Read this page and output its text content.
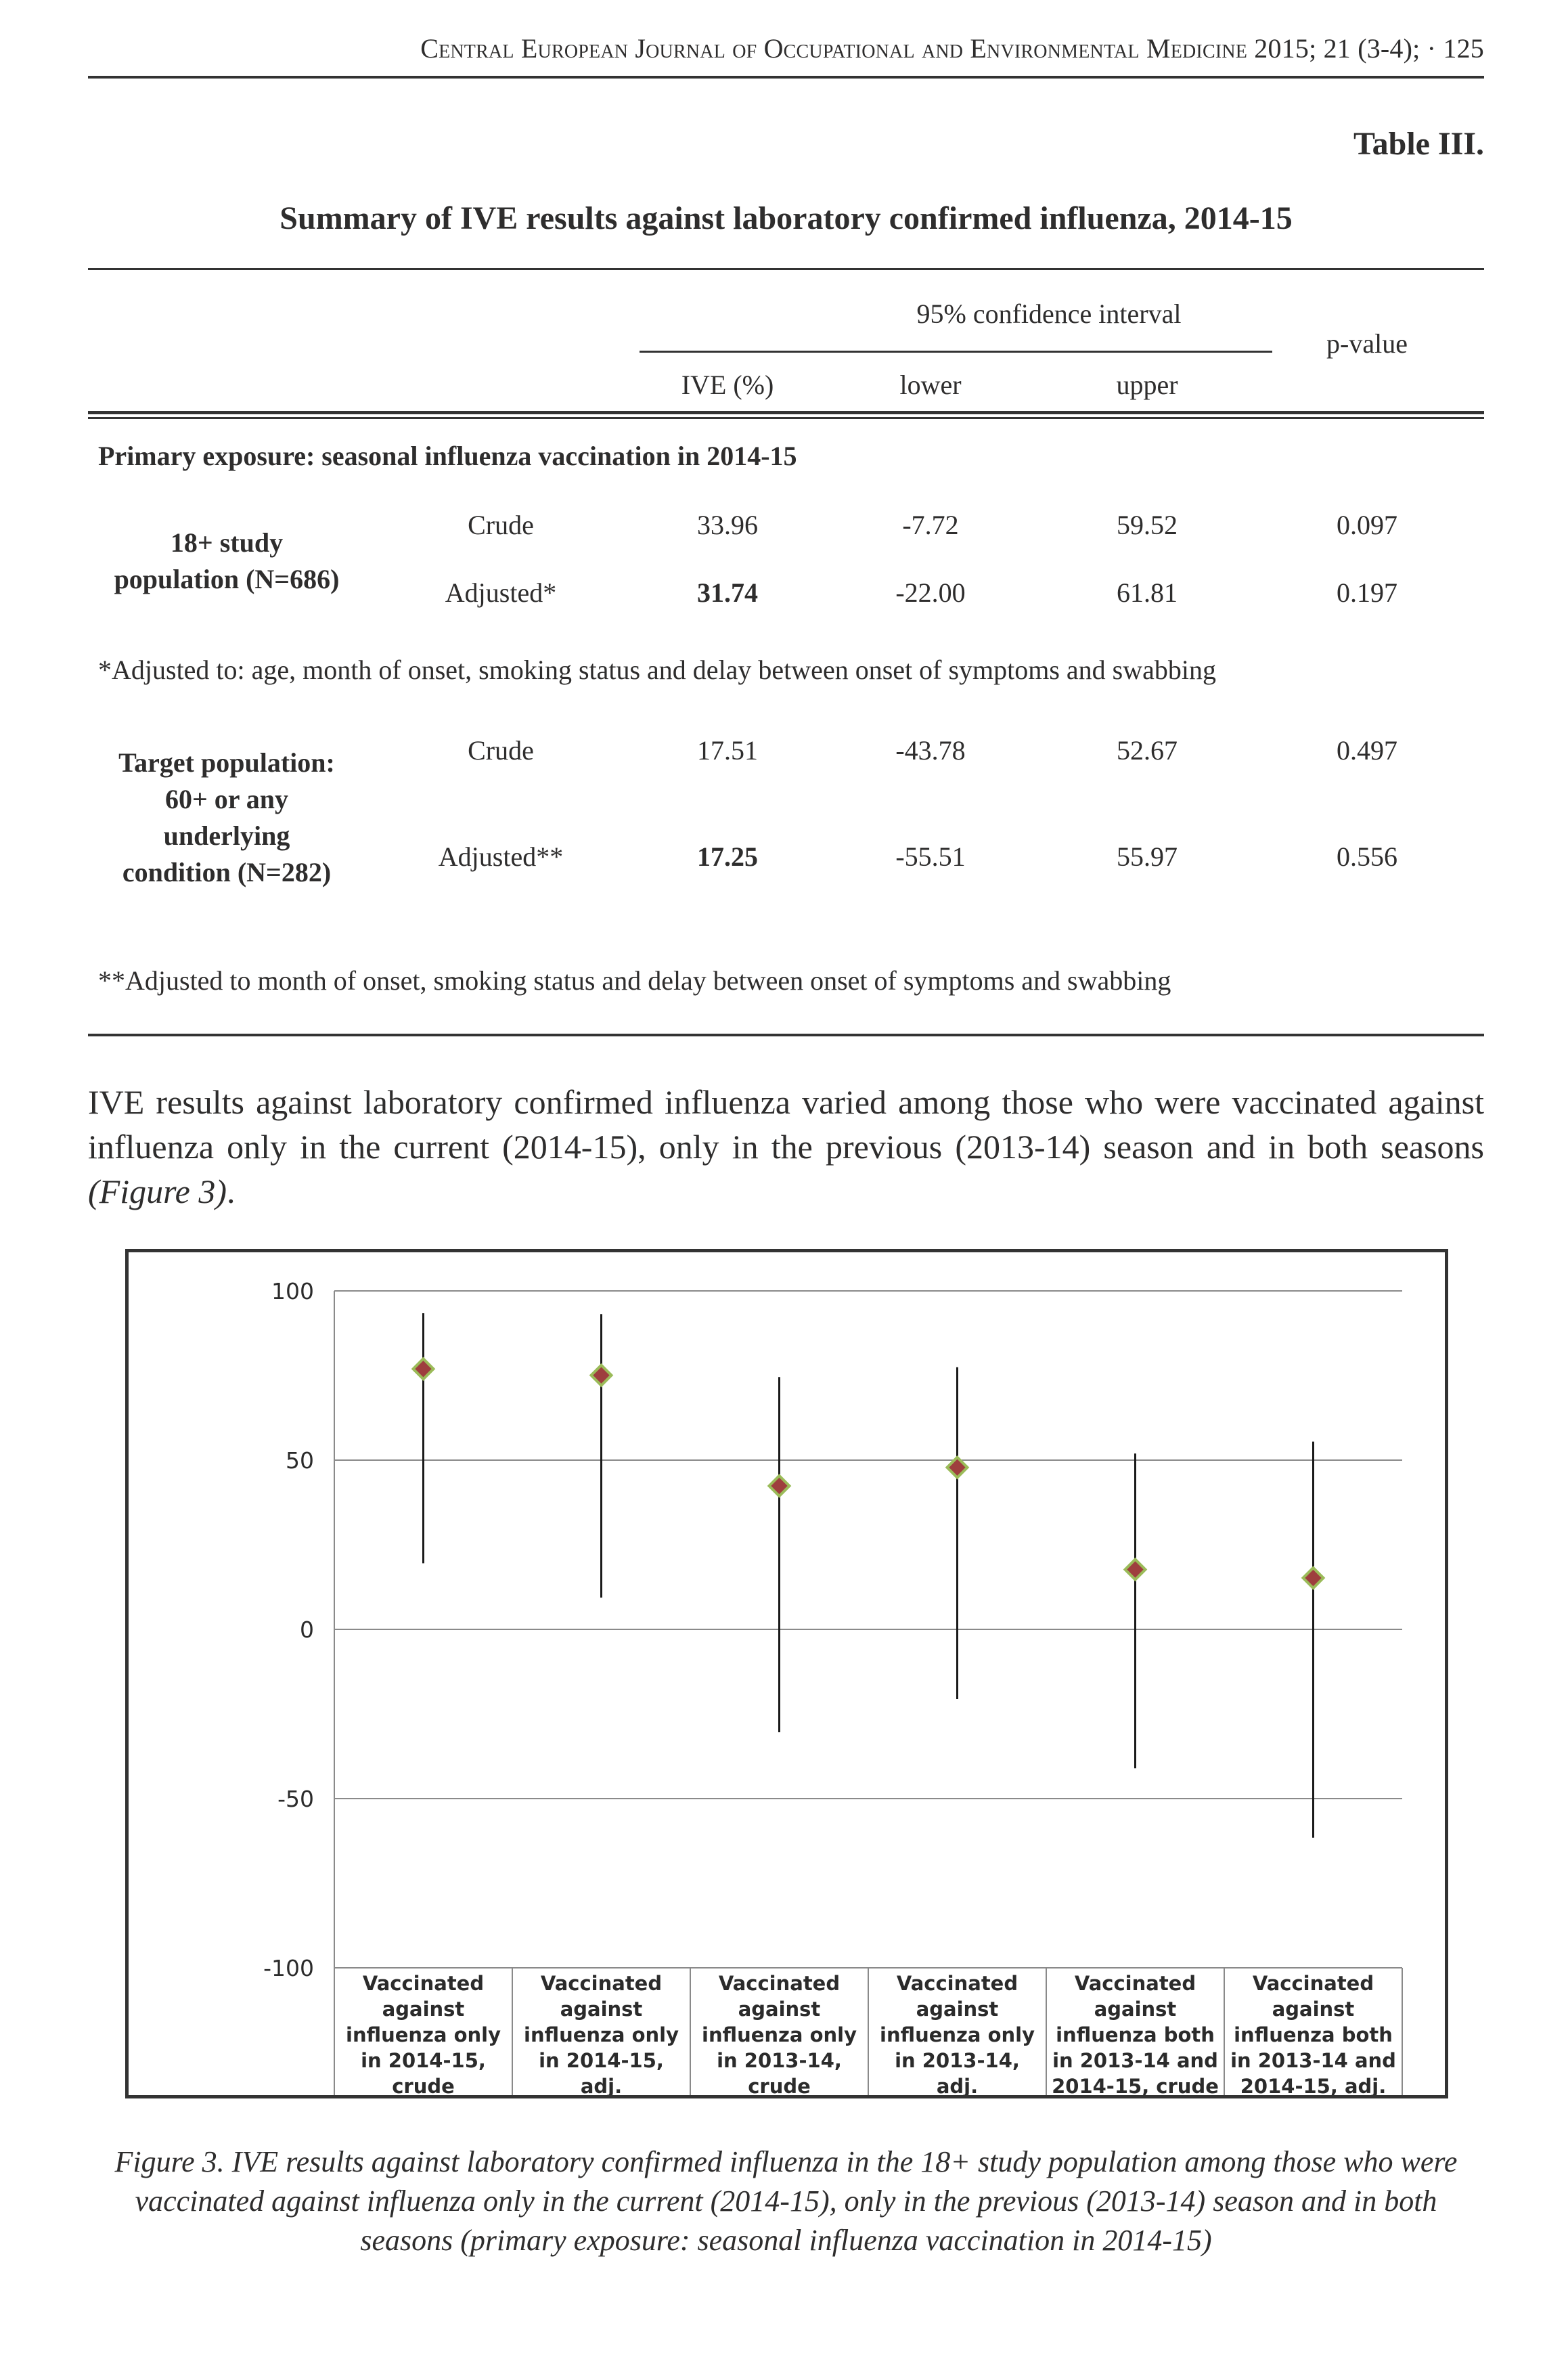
Central European Journal of Occupational and Environmental Medicine 2015; 21 (3-4); · 125
Table III.
Summary of IVE results against laboratory confirmed influenza, 2014-15
95% confidence interval
p-value
IVE (%)	lower	upper
Primary exposure: seasonal influenza vaccination in 2014-15
18+ study
population (N=686)
Crude	33.96	-7.72	59.52	0.097
Adjusted*	31.74	-22.00	61.81	0.197
*Adjusted to: age, month of onset, smoking status and delay between onset of symptoms and swabbing
Target population:
60+ or any
underlying
condition (N=282)
Crude	17.51	-43.78	52.67	0.497
Adjusted**	17.25	-55.51	55.97	0.556
**Adjusted to month of onset, smoking status and delay between onset of symptoms and swabbing
IVE results against laboratory confirmed influenza varied among those who were vaccinated against influenza only in the current (2014-15), only in the previous (2013-14) season and in both seasons (Figure 3).
100
50
0
-50
-100
Vaccinated
against
influenza only
in 2014-15,
crude
Vaccinated
against
influenza only
in 2014-15,
adj.
Vaccinated
against
influenza only
in 2013-14,
crude
Vaccinated
against
influenza only
in 2013-14,
adj.
Vaccinated
against
influenza both
in 2013-14 and
2014-15, crude
Vaccinated
against
influenza both
in 2013-14 and
2014-15, adj.
Figure 3. IVE results against laboratory confirmed influenza in the 18+ study population among those who were
vaccinated against influenza only in the current (2014-15), only in the previous (2013-14) season and in both
seasons (primary exposure: seasonal influenza vaccination in 2014-15)
